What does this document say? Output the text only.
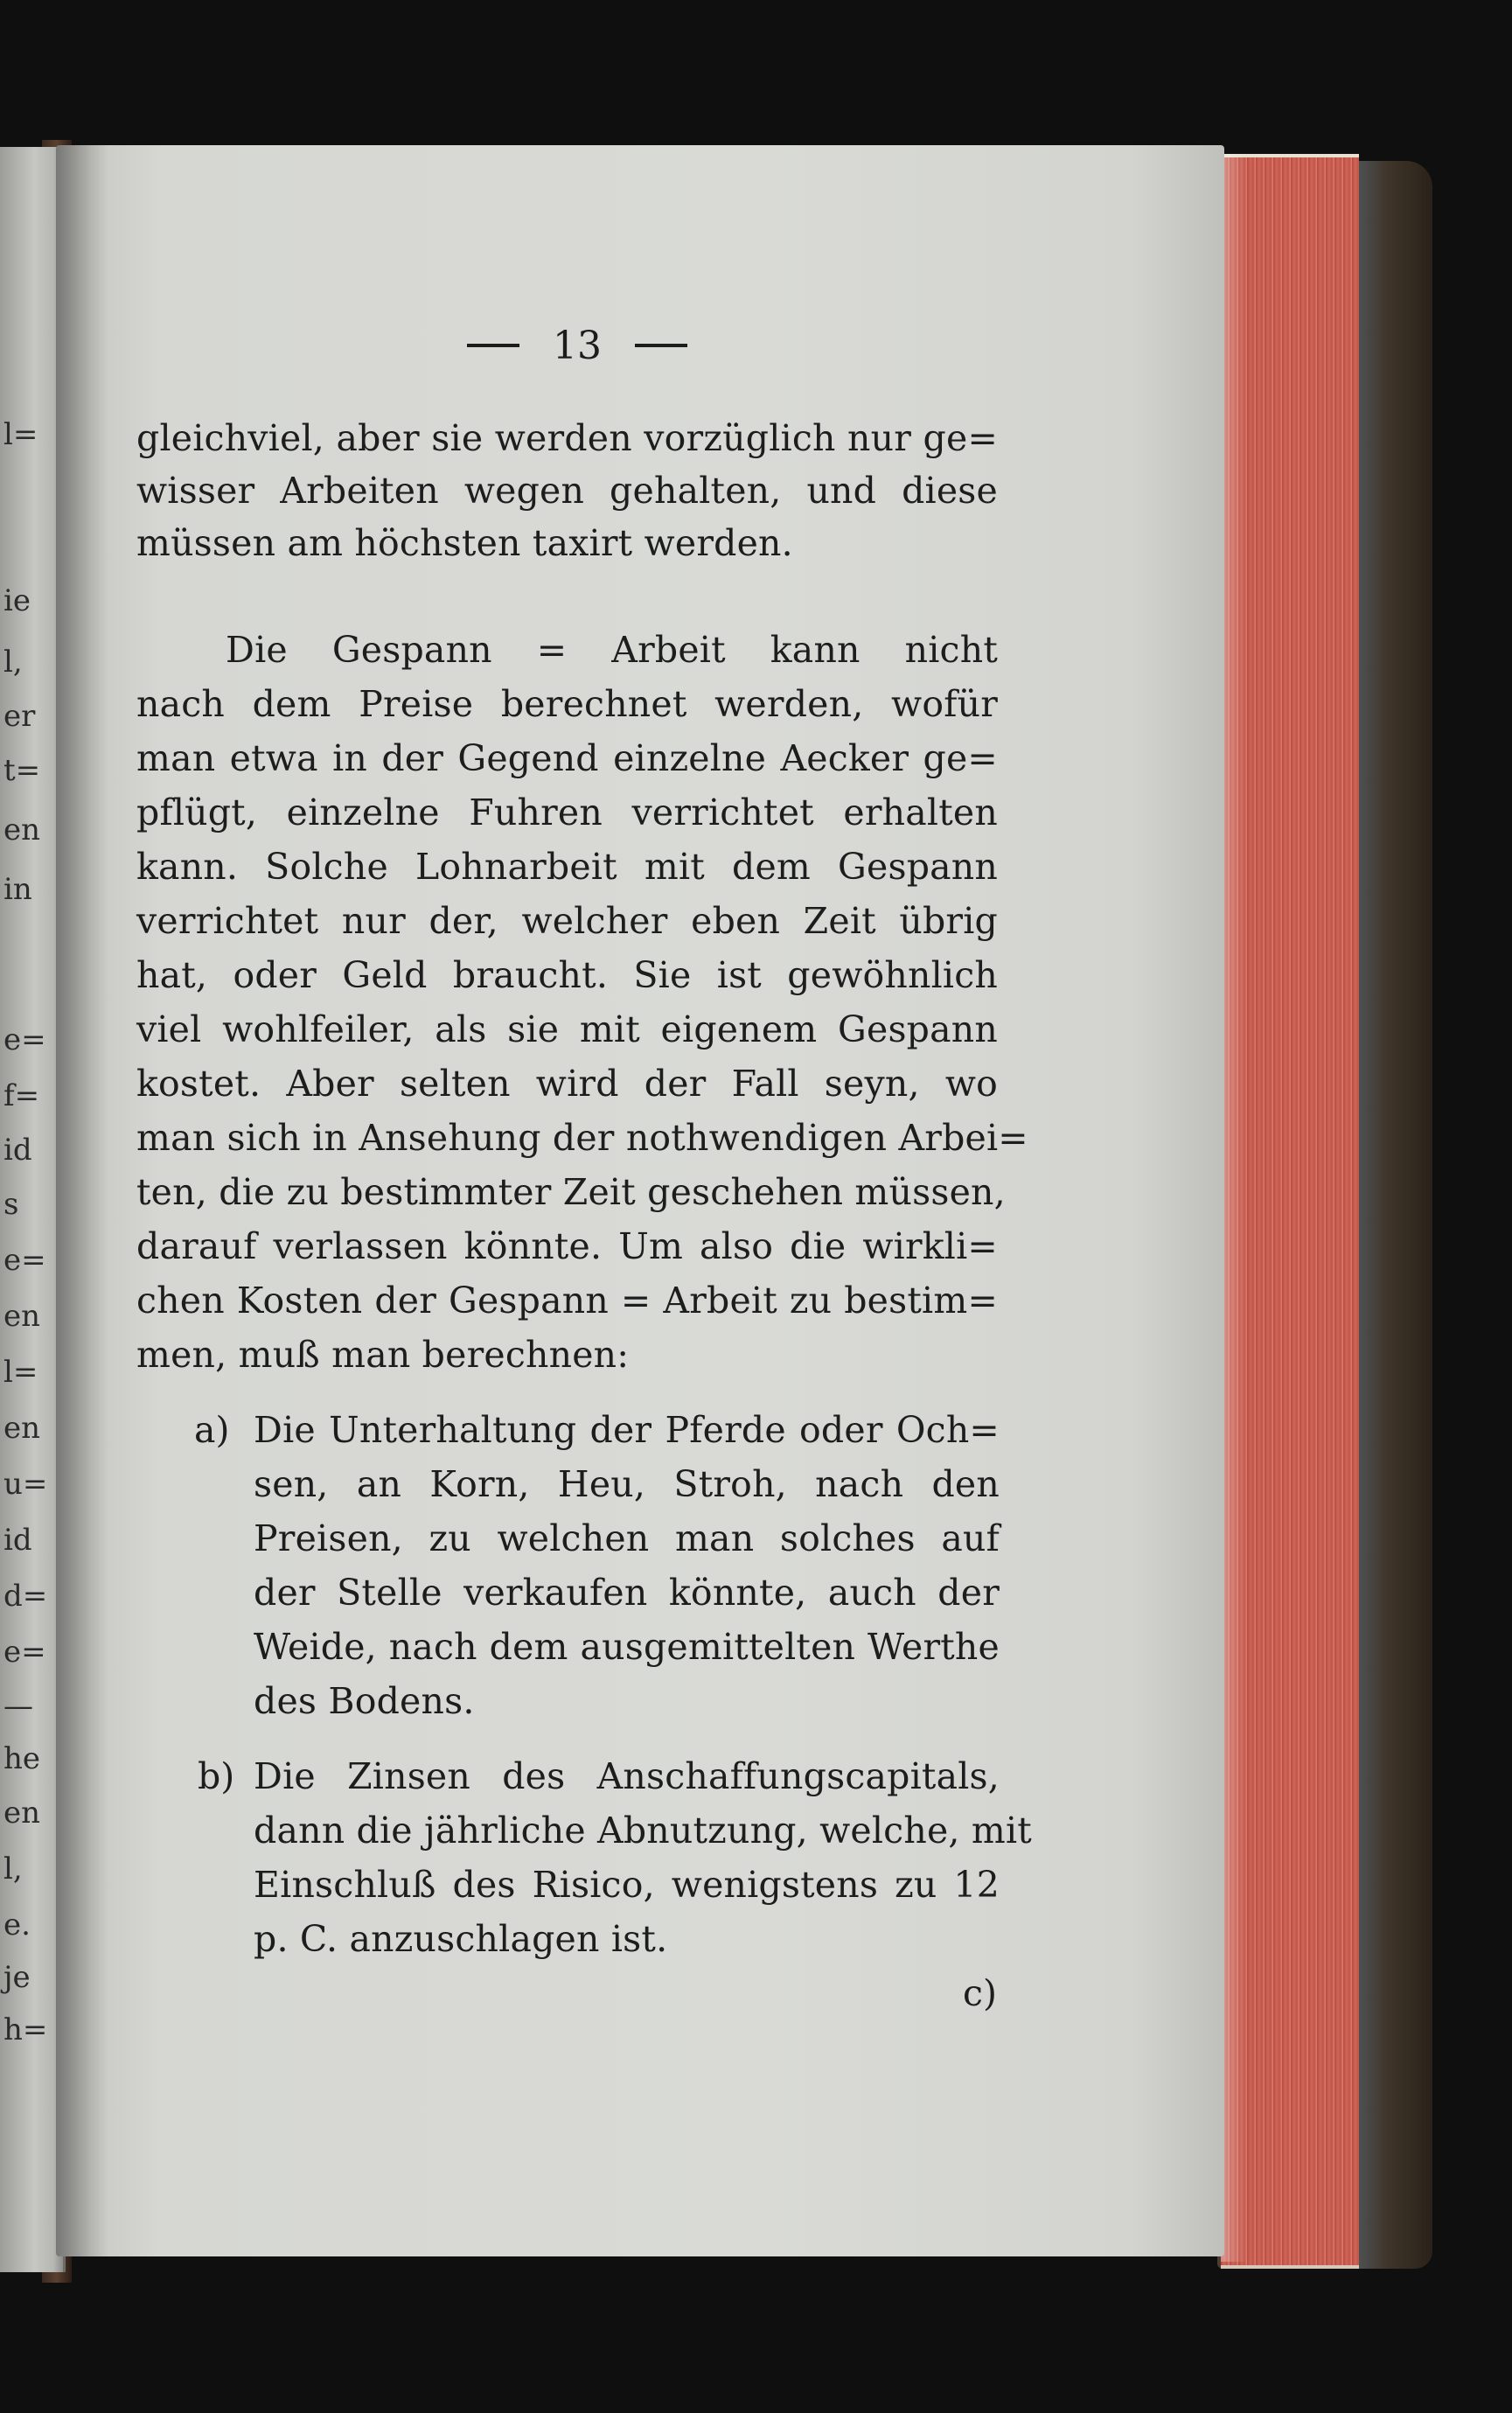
l=
ie
l,
er
t=
en
in
e=
f=
id
s
e=
en
l=
en
u=
id
d=
e=
—
he
en
l,
e.
je
h=
13
gleichviel, aber sie werden vorzüglich nur ge=
wisser Arbeiten wegen gehalten, und diese
müssen am höchsten taxirt werden.
Die Gespann = Arbeit kann nicht
nach dem Preise berechnet werden, wofür
man etwa in der Gegend einzelne Aecker ge=
pflügt, einzelne Fuhren verrichtet erhalten
kann. Solche Lohnarbeit mit dem Gespann
verrichtet nur der, welcher eben Zeit übrig
hat, oder Geld braucht. Sie ist gewöhnlich
viel wohlfeiler, als sie mit eigenem Gespann
kostet. Aber selten wird der Fall seyn, wo
man sich in Ansehung der nothwendigen Arbei=
ten, die zu bestimmter Zeit geschehen müssen,
darauf verlassen könnte. Um also die wirkli=
chen Kosten der Gespann = Arbeit zu bestim=
men, muß man berechnen:
a) Die Unterhaltung der Pferde oder Och=
sen, an Korn, Heu, Stroh, nach den
Preisen, zu welchen man solches auf
der Stelle verkaufen könnte, auch der
Weide, nach dem ausgemittelten Werthe
des Bodens.
b) Die Zinsen des Anschaffungscapitals,
dann die jährliche Abnutzung, welche, mit
Einschluß des Risico, wenigstens zu 12
p. C. anzuschlagen ist.
c)
